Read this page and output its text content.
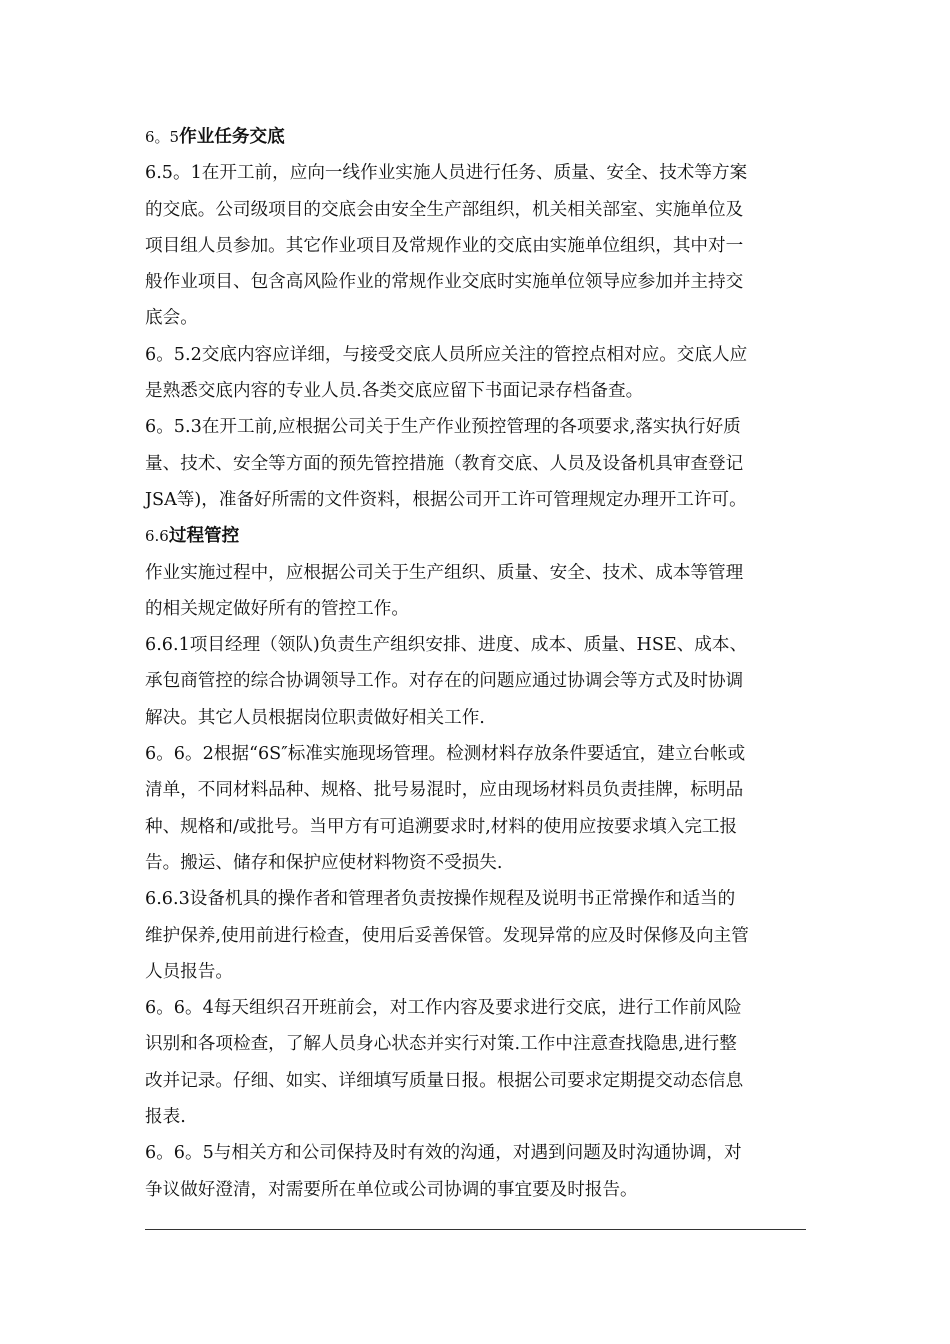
6。5作业任务交底
6.5。1在开工前，应向一线作业实施人员进行任务、质量、安全、技术等方案
的交底。公司级项目的交底会由安全生产部组织，机关相关部室、实施单位及
项目组人员参加。其它作业项目及常规作业的交底由实施单位组织，其中对一
般作业项目、包含高风险作业的常规作业交底时实施单位领导应参加并主持交
底会。
6。5.2交底内容应详细，与接受交底人员所应关注的管控点相对应。交底人应
是熟悉交底内容的专业人员.各类交底应留下书面记录存档备查。
6。5.3在开工前,应根据公司关于生产作业预控管理的各项要求,落实执行好质
量、技术、安全等方面的预先管控措施（教育交底、人员及设备机具审查登记
JSA等)，准备好所需的文件资料，根据公司开工许可管理规定办理开工许可。
6.6过程管控
作业实施过程中，应根据公司关于生产组织、质量、安全、技术、成本等管理
的相关规定做好所有的管控工作。
6.6.1项目经理（领队)负责生产组织安排、进度、成本、质量、HSE、成本、
承包商管控的综合协调领导工作。对存在的问题应通过协调会等方式及时协调
解决。其它人员根据岗位职责做好相关工作.
6。6。2根据“6S″标准实施现场管理。检测材料存放条件要适宜，建立台帐或
清单，不同材料品种、规格、批号易混时，应由现场材料员负责挂牌，标明品
种、规格和/或批号。当甲方有可追溯要求时,材料的使用应按要求填入完工报
告。搬运、储存和保护应使材料物资不受损失.
6.6.3设备机具的操作者和管理者负责按操作规程及说明书正常操作和适当的
维护保养,使用前进行检查，使用后妥善保管。发现异常的应及时保修及向主管
人员报告。
6。6。4每天组织召开班前会，对工作内容及要求进行交底，进行工作前风险
识别和各项检查，了解人员身心状态并实行对策.工作中注意查找隐患,进行整
改并记录。仔细、如实、详细填写质量日报。根据公司要求定期提交动态信息
报表.
6。6。5与相关方和公司保持及时有效的沟通，对遇到问题及时沟通协调，对
争议做好澄清，对需要所在单位或公司协调的事宜要及时报告。
